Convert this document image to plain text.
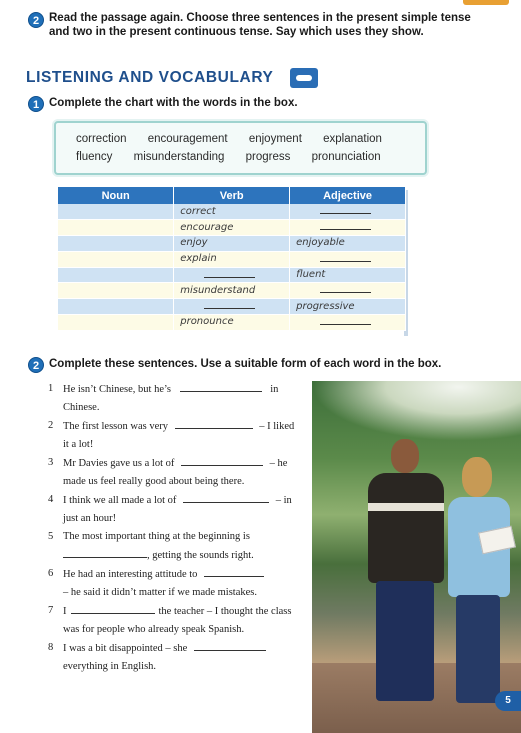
2 Read the passage again. Choose three sentences in the present simple tense
and two in the present continuous tense. Say which uses they show.
LISTENING AND VOCABULARY
1 Complete the chart with the words in the box.
correction encouragement enjoyment explanation
fluency misunderstanding progress pronunciation
Noun	Verb	Adjective
	correct	
	encourage	
	enjoy	enjoyable
	explain	
		fluent
	misunderstand	
		progressive
	pronounce	
2 Complete these sentences. Use a suitable form of each word in the box.
1 He isn’t Chinese, but he’s	in
Chinese.
2 The first lesson was very	– I liked
it a lot!
3 Mr Davies gave us a lot of	– he
made us feel really good about being there.
4 I think we all made a lot of	– in
just an hour!
5 The most important thing at the beginning is
, getting the sounds right.
6 He had an interesting attitude to
– he said it didn’t matter if we made mistakes.
7 I	the teacher – I thought the class
was for people who already speak Spanish.
8 I was a bit disappointed – she
everything in English.
5
